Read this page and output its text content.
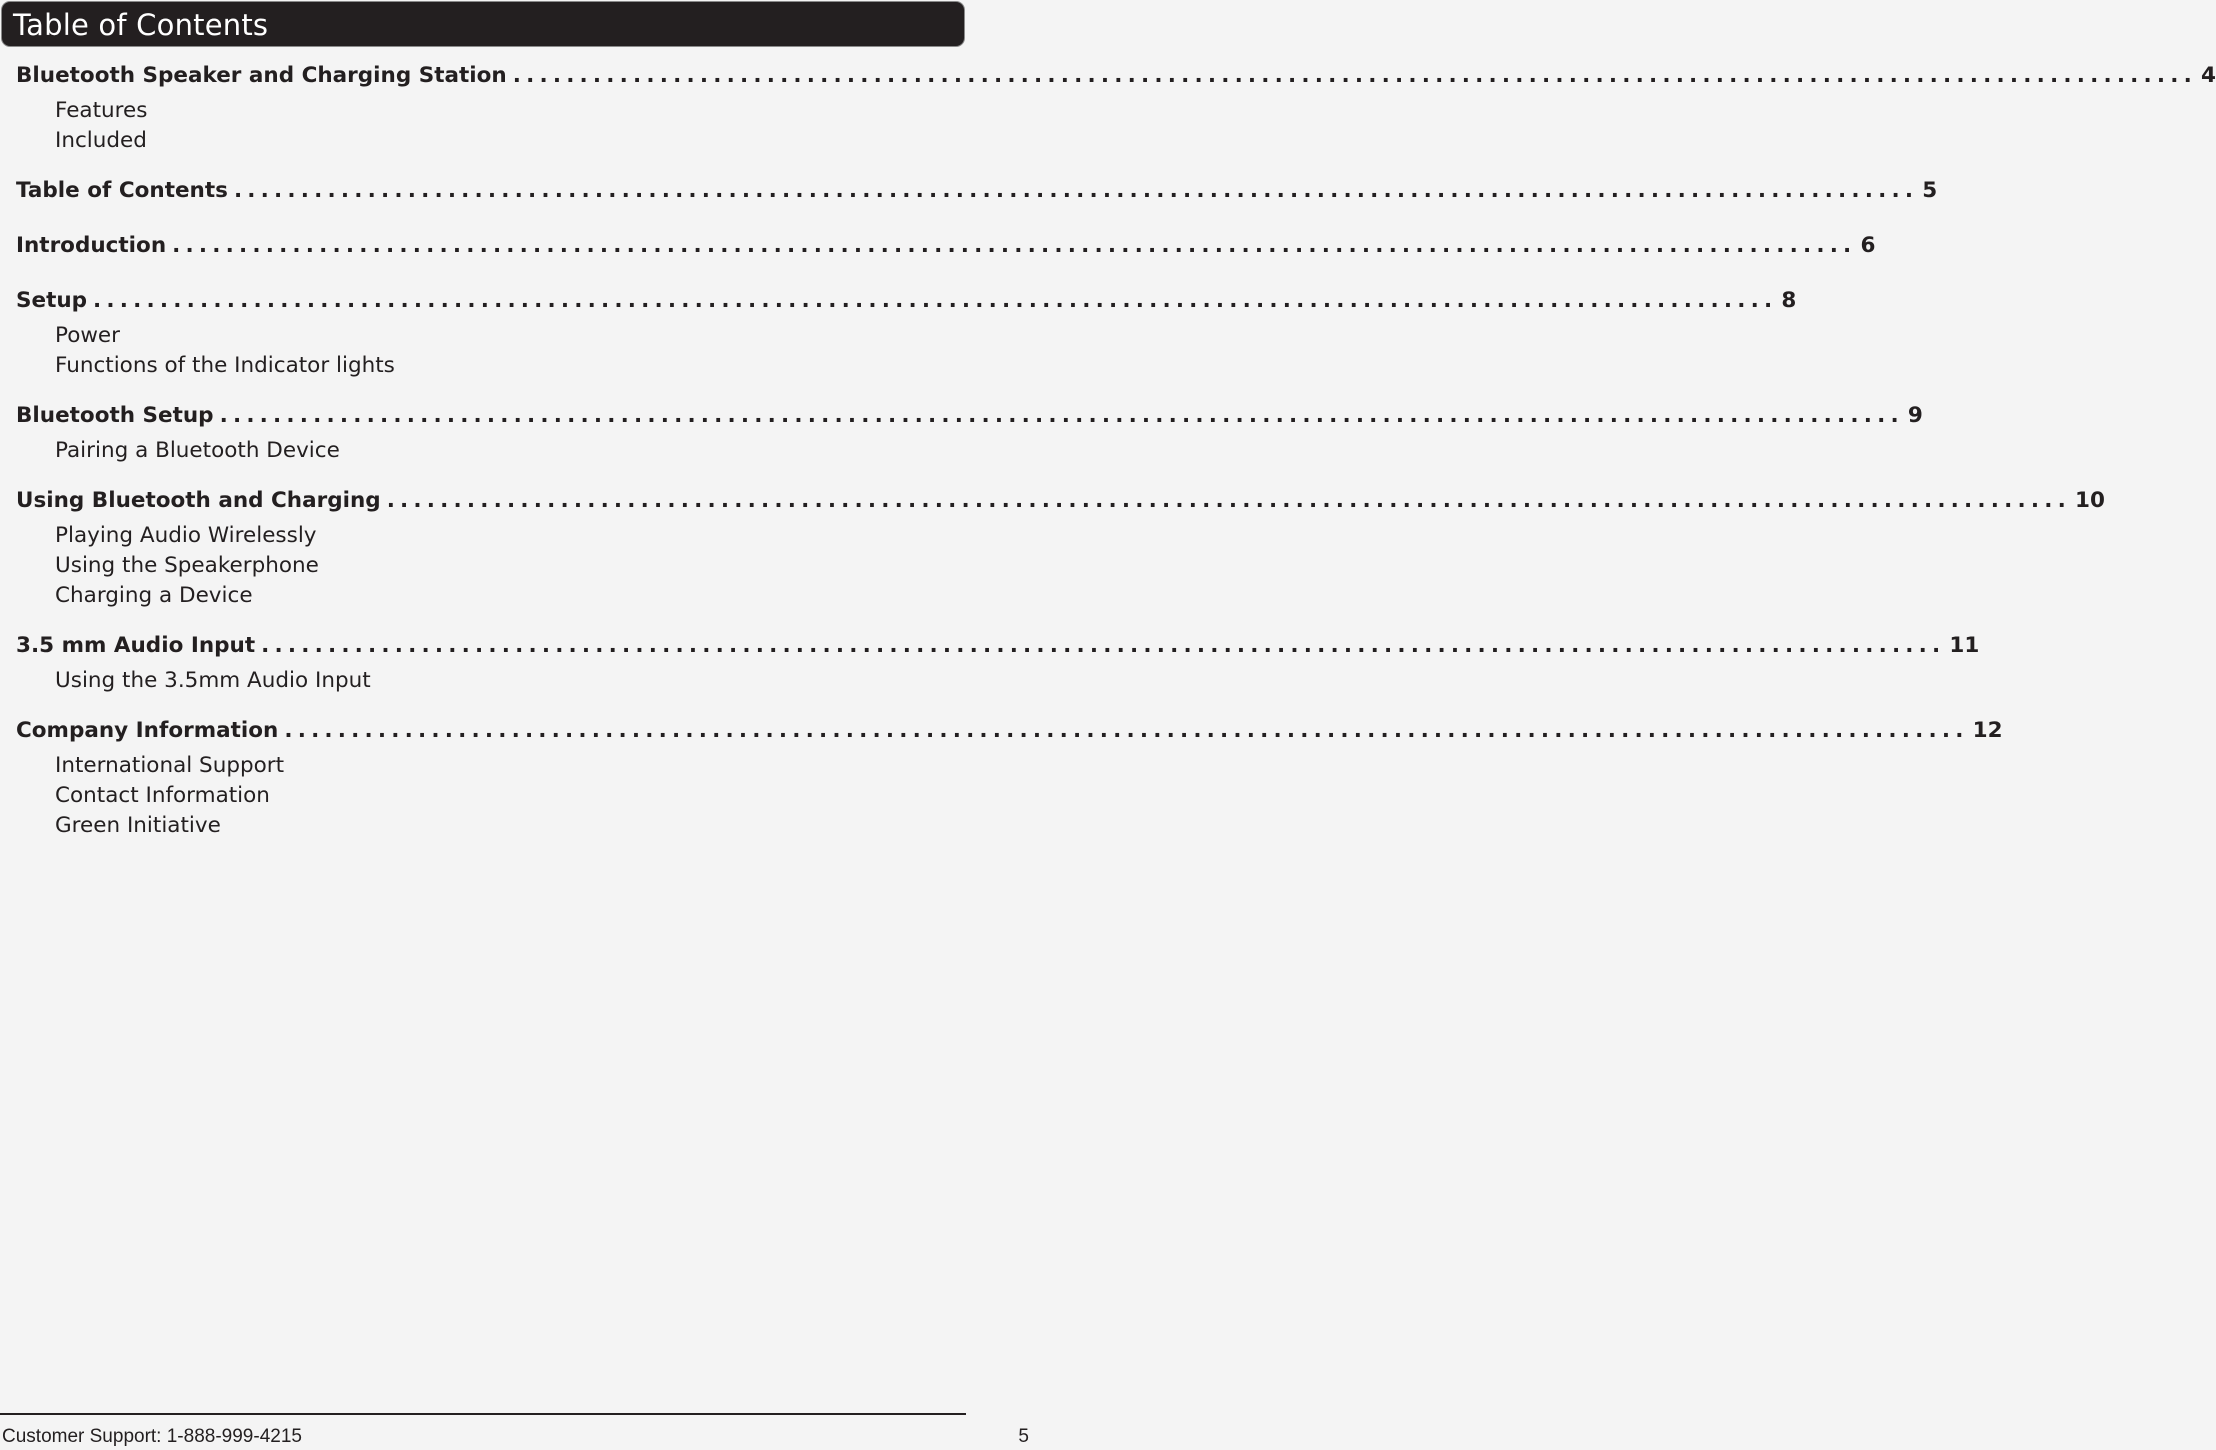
Table of Contents
Bluetooth Speaker and Charging Station .............................................................................................................................. 4
Features
Included
Table of Contents .............................................................................................................................. 5
Introduction .............................................................................................................................. 6
Setup .............................................................................................................................. 8
Power
Functions of the Indicator lights
Bluetooth Setup .............................................................................................................................. 9
Pairing a Bluetooth Device
Using Bluetooth and Charging .............................................................................................................................. 10
Playing Audio Wirelessly
Using the Speakerphone
Charging a Device
3.5 mm Audio Input .............................................................................................................................. 11
Using the 3.5mm Audio Input
Company Information .............................................................................................................................. 12
International Support
Contact Information
Green Initiative
Customer Support: 1-888-999-4215	5
